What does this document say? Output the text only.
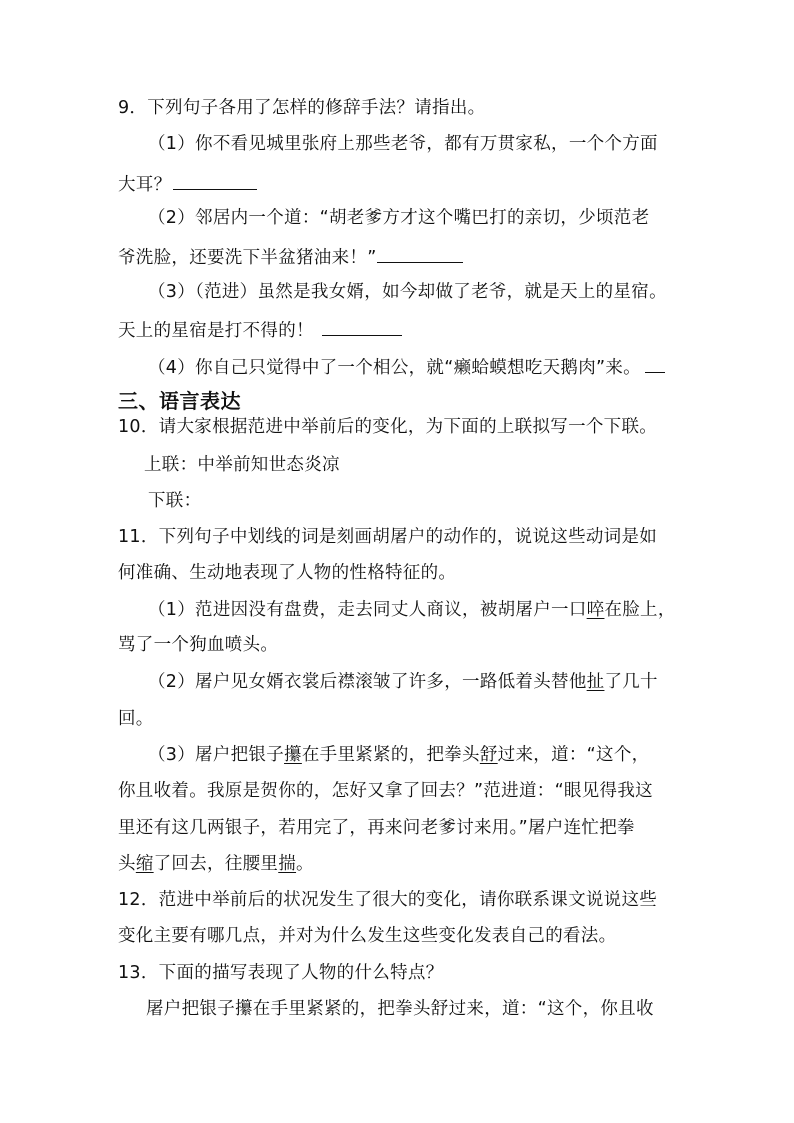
9．下列句子各用了怎样的修辞手法？请指出。
（1）你不看见城里张府上那些老爷，都有万贯家私，一个个方面
大耳？
（2）邻居内一个道：“胡老爹方才这个嘴巴打的亲切，少顷范老
爷洗脸，还要洗下半盆猪油来！”
（3）（范进）虽然是我女婿，如今却做了老爷，就是天上的星宿。
天上的星宿是打不得的！
（4）你自己只觉得中了一个相公，就“癞蛤蟆想吃天鹅肉”来。
三、语言表达
10．请大家根据范进中举前后的变化，为下面的上联拟写一个下联。
上联：中举前知世态炎凉
下联：
11．下列句子中划线的词是刻画胡屠户的动作的，说说这些动词是如
何准确、生动地表现了人物的性格特征的。
（1）范进因没有盘费，走去同丈人商议，被胡屠户一口啐在脸上，
骂了一个狗血喷头。
（2）屠户见女婿衣裳后襟滚皱了许多，一路低着头替他扯了几十
回。
（3）屠户把银子攥在手里紧紧的，把拳头舒过来，道：“这个，
你且收着。我原是贺你的，怎好又拿了回去？”范进道：“眼见得我这
里还有这几两银子，若用完了，再来问老爹讨来用。”屠户连忙把拳
头缩了回去，往腰里揣。
12．范进中举前后的状况发生了很大的变化，请你联系课文说说这些
变化主要有哪几点，并对为什么发生这些变化发表自己的看法。
13．下面的描写表现了人物的什么特点？
屠户把银子攥在手里紧紧的，把拳头舒过来，道：“这个，你且收
